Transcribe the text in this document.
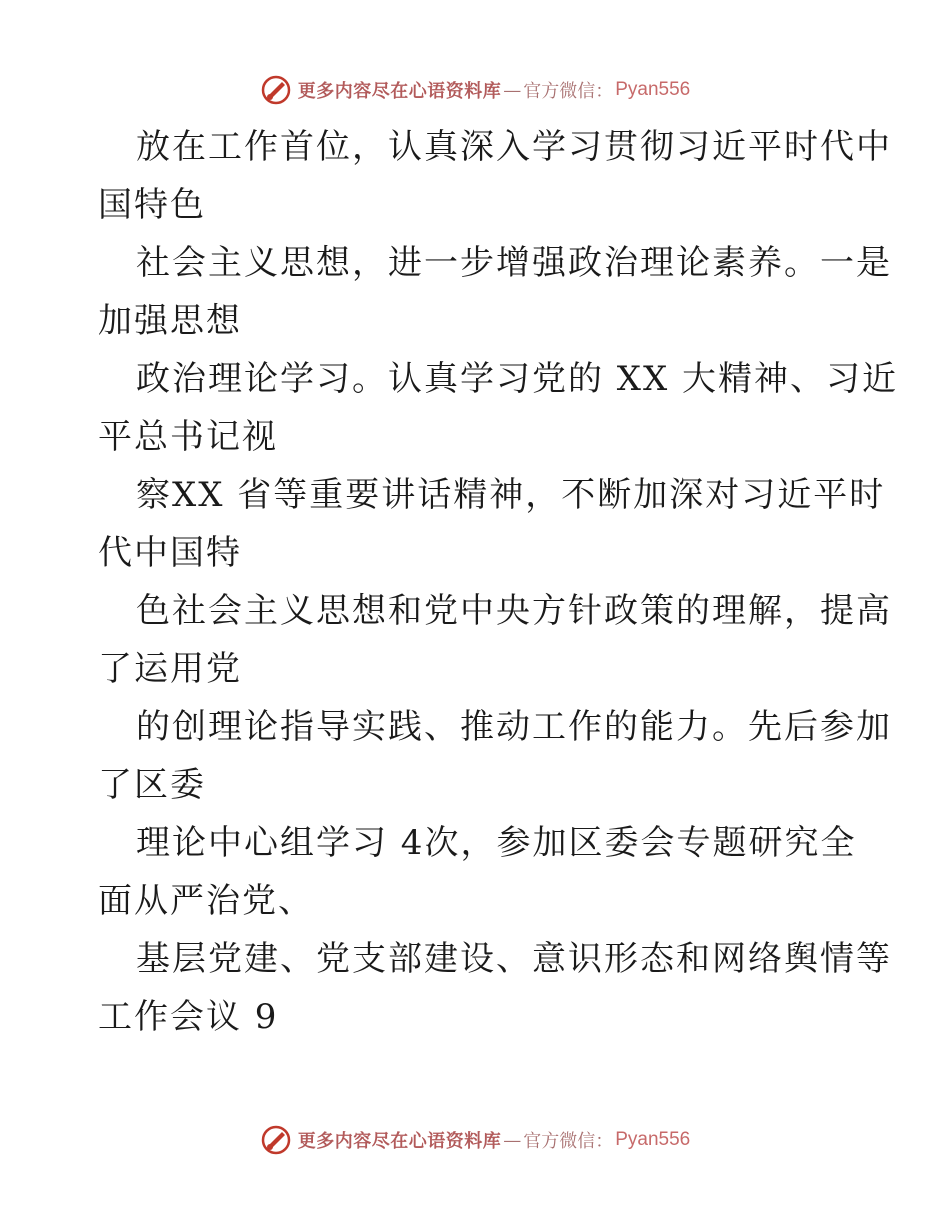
更多内容尽在心语资料库 — 官方微信： Pyan556
放在工作首位，认真深入学习贯彻习近平时代中
国特色
社会主义思想，进一步增强政治理论素养。一是
加强思想
政治理论学习。认真学习党的 XX 大精神、习近
平总书记视
察XX 省等重要讲话精神，不断加深对习近平时
代中国特
色社会主义思想和党中央方针政策的理解，提高
了运用党
的创理论指导实践、推动工作的能力。先后参加
了区委
理论中心组学习 4次，参加区委会专题研究全
面从严治党、
基层党建、党支部建设、意识形态和网络舆情等
工作会议 9
更多内容尽在心语资料库 — 官方微信： Pyan556
